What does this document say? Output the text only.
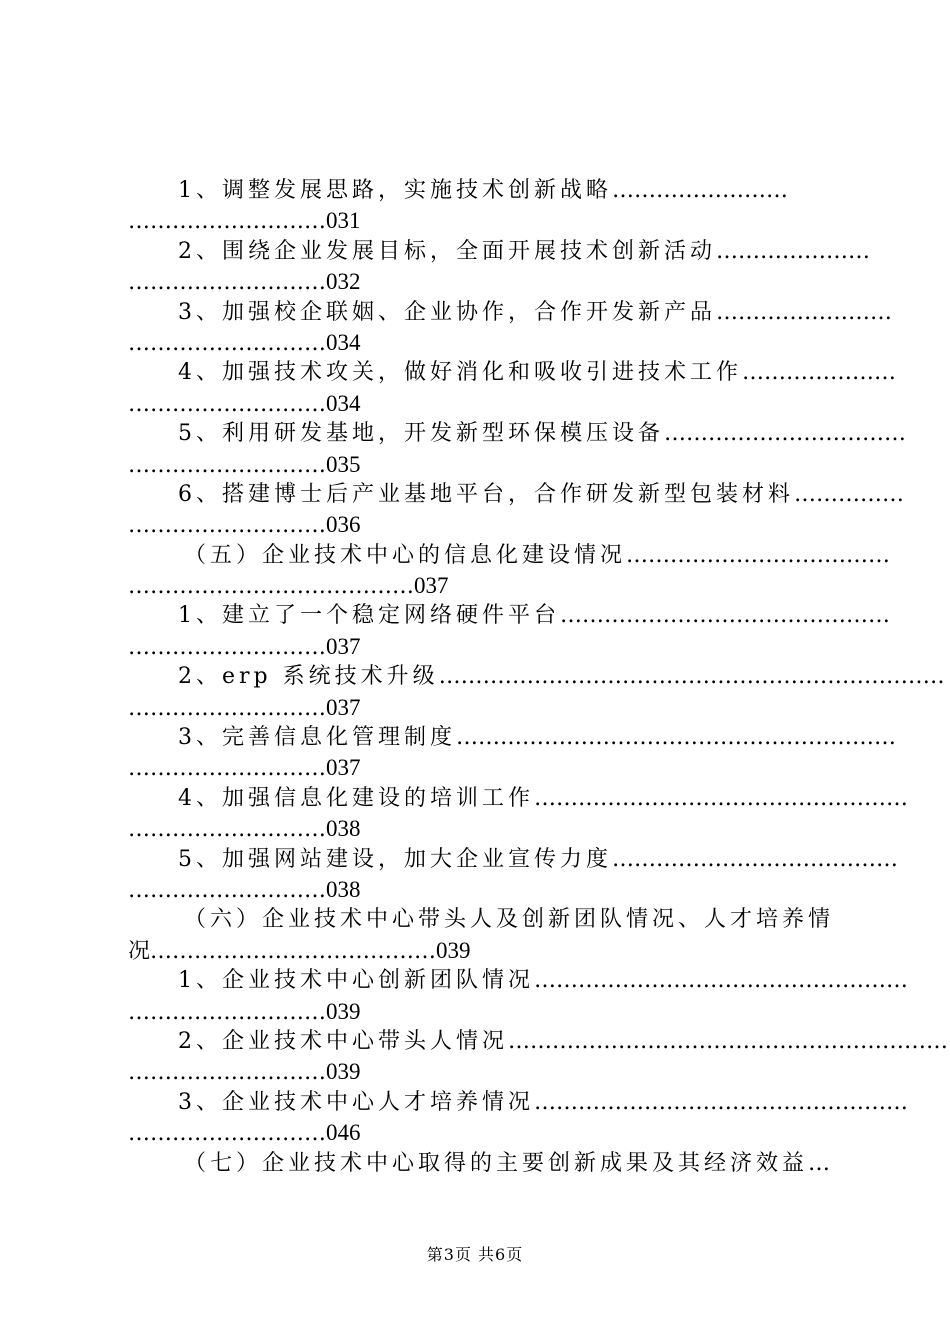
1、调整发展思路，实施技术创新战略……………………
………………………031
2、围绕企业发展目标，全面开展技术创新活动…………………
………………………032
3、加强校企联姻、企业协作，合作开发新产品……………………
………………………034
4、加强技术攻关，做好消化和吸收引进技术工作…………………
………………………034
5、利用研发基地，开发新型环保模压设备……………………………
………………………035
6、搭建博士后产业基地平台，合作研发新型包装材料……………
………………………036
（五）企业技术中心的信息化建设情况………………………………
…………………………………037
1、建立了一个稳定网络硬件平台………………………………………
………………………037
2、erp 系统技术升级……………………………………………………………
………………………037
3、完善信息化管理制度……………………………………………………
………………………037
4、加强信息化建设的培训工作……………………………………………
………………………038
5、加强网站建设，加大企业宣传力度…………………………………
………………………038
（六）企业技术中心带头人及创新团队情况、人才培养情
况…………………………………039
1、企业技术中心创新团队情况……………………………………………
………………………039
2、企业技术中心带头人情况……………………………………………………
………………………039
3、企业技术中心人才培养情况……………………………………………
………………………046
（七）企业技术中心取得的主要创新成果及其经济效益…
第3页 共6页
